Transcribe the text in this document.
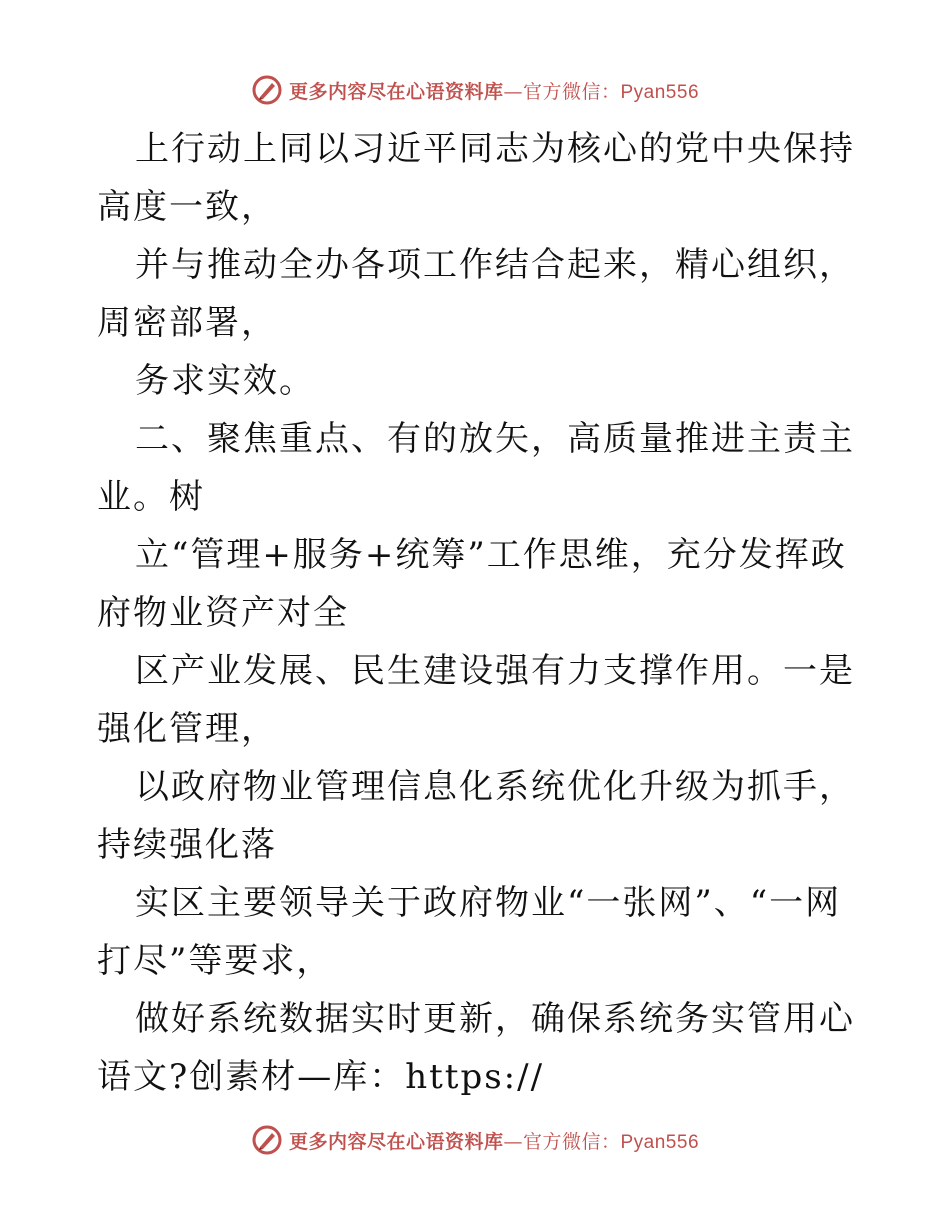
更多内容尽在心语资料库—官方微信：Pyan556

上行动上同以习近平同志为核心的党中央保持高度一致，

并与推动全办各项工作结合起来，精心组织，周密部署，

务求实效。

二、聚焦重点、有的放矢，高质量推进主责主业。树

立“管理+服务+统筹”工作思维，充分发挥政府物业资产对全

区产业发展、民生建设强有力支撑作用。一是强化管理，

以政府物业管理信息化系统优化升级为抓手，持续强化落

实区主要领导关于政府物业“一张网”、“一网打尽”等要求，

做好系统数据实时更新，确保系统务实管用心语文?创素材—库：https://

更多内容尽在心语资料库—官方微信：Pyan556
